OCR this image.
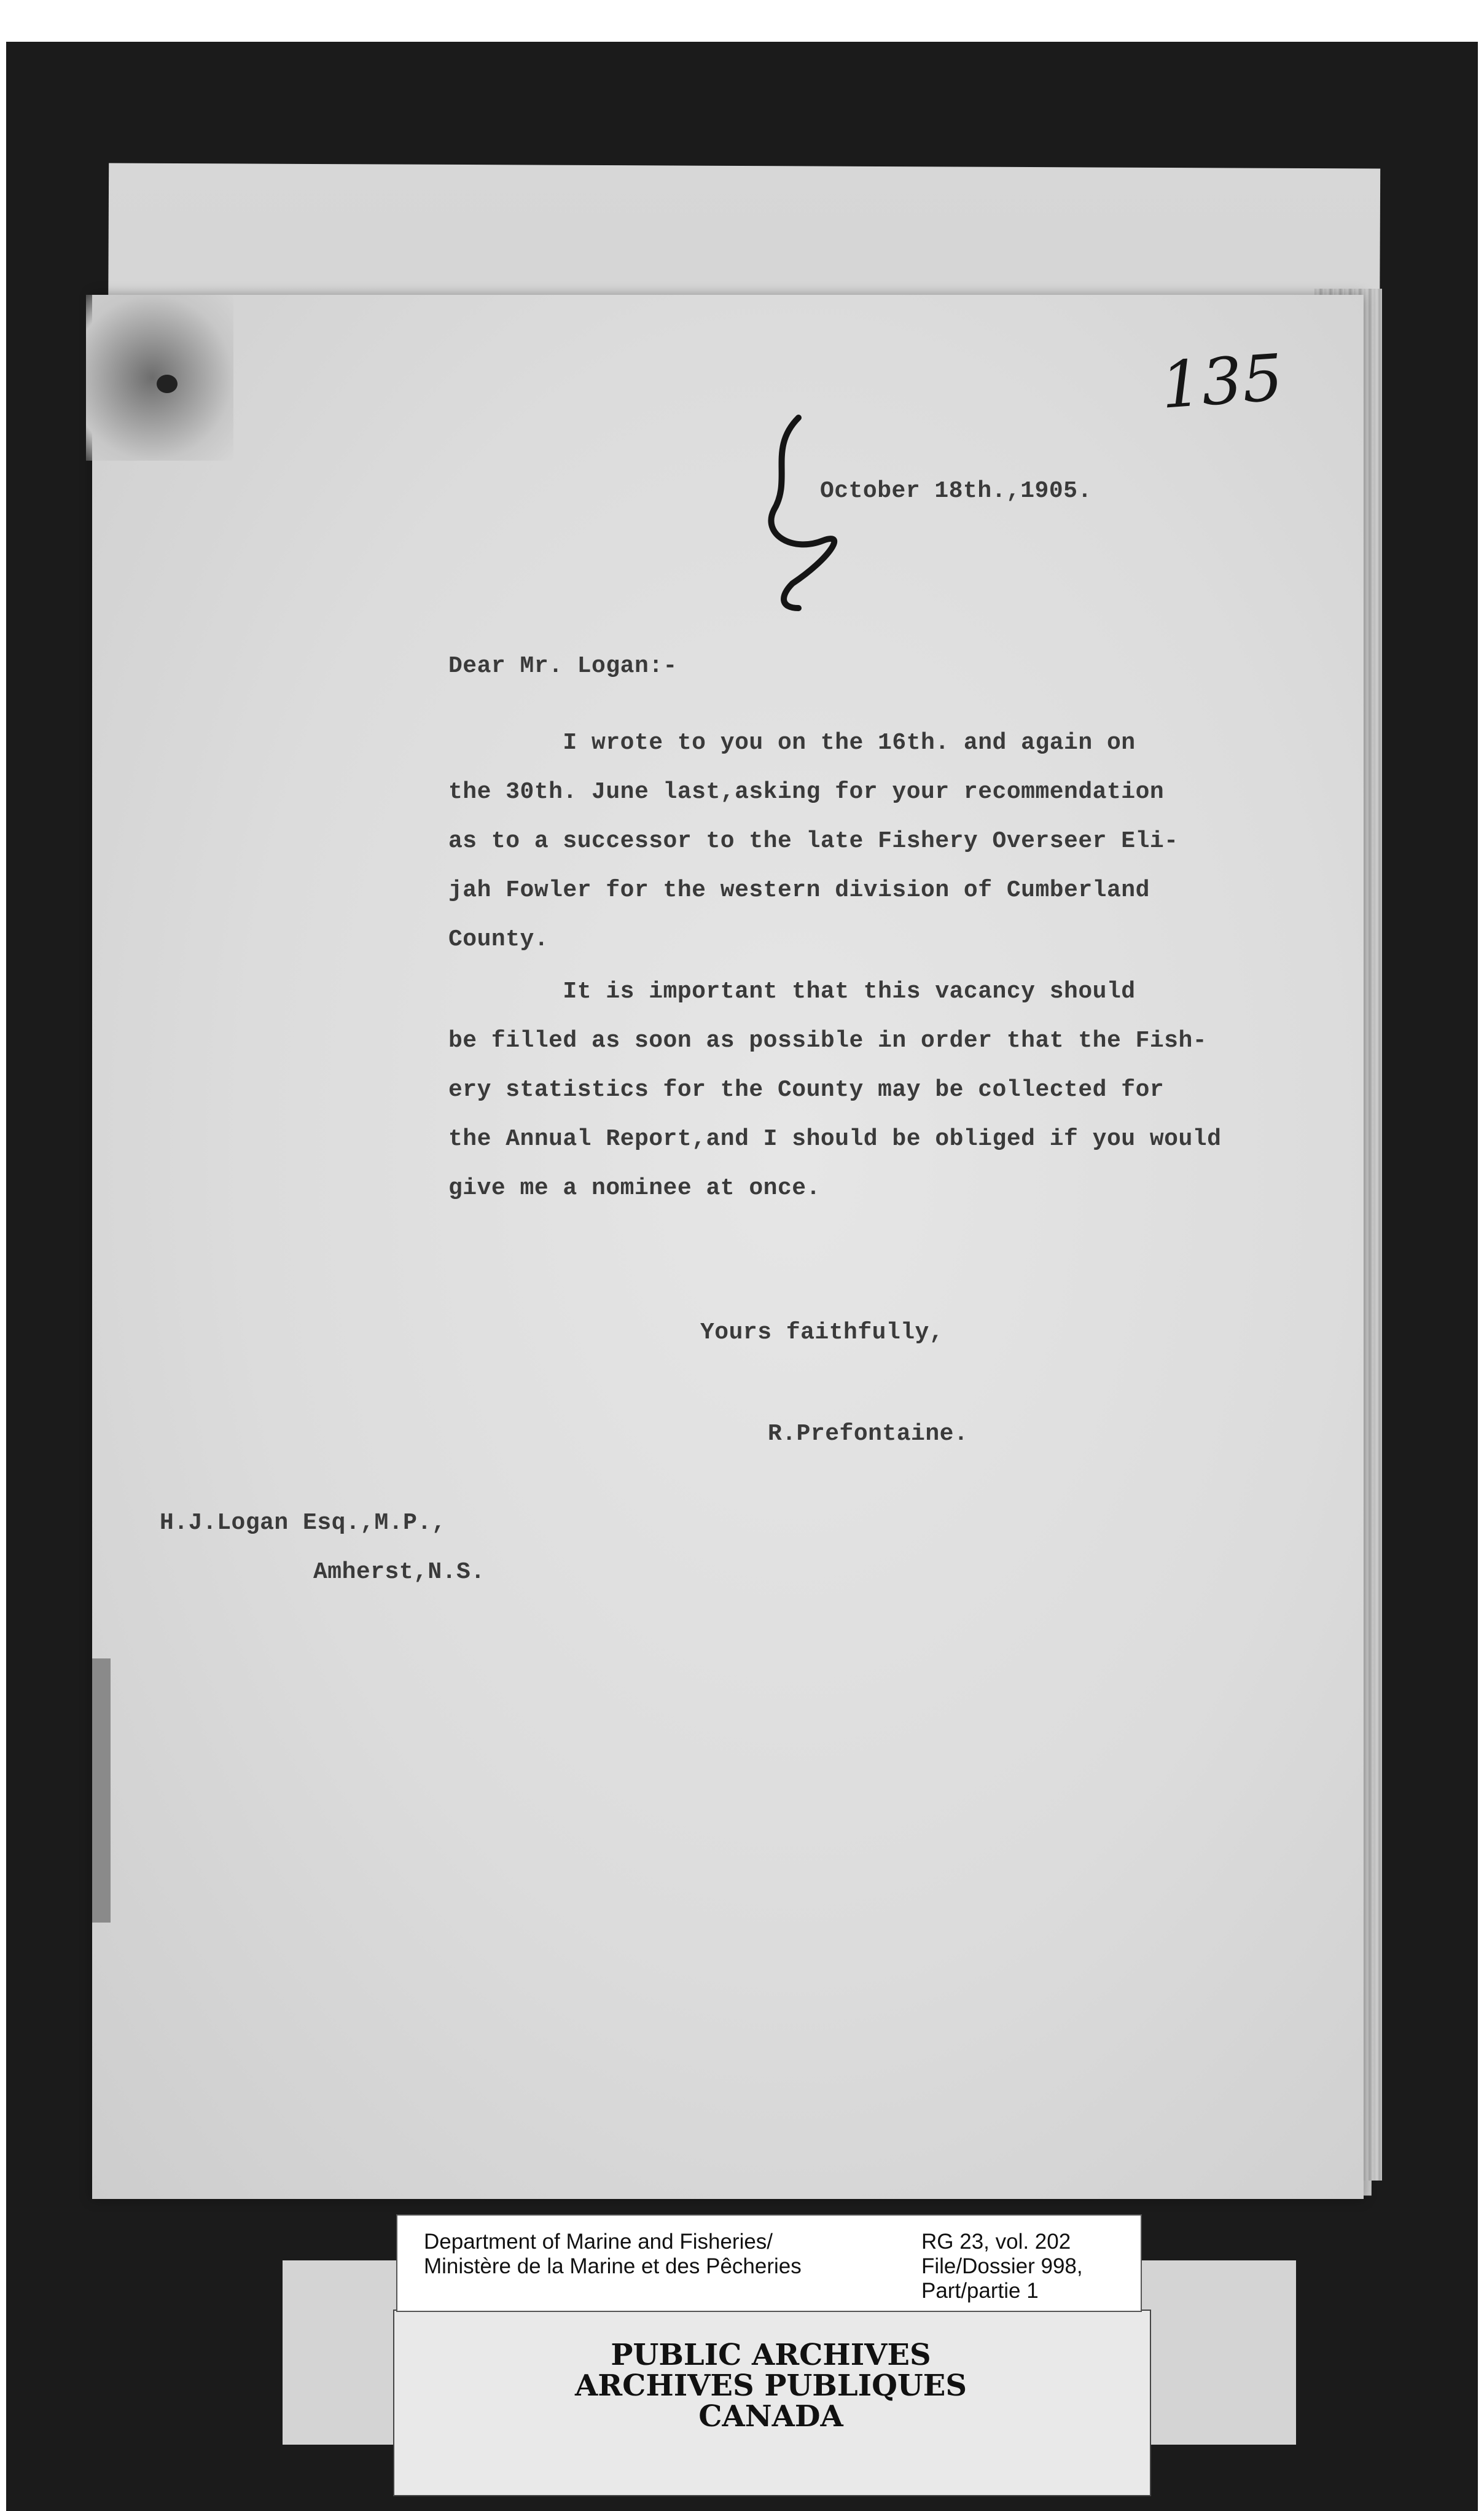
135
October 18th.,1905.
Dear Mr. Logan:-
I wrote to you on the 16th. and again on
the 30th. June last,asking for your recommendation
as to a successor to the late Fishery Overseer Eli-
jah Fowler for the western division of Cumberland
County.
It is important that this vacancy should
be filled as soon as possible in order that the Fish-
ery statistics for the County may be collected for
the Annual Report,and I should be obliged if you would
give me a nominee at once.
Yours faithfully,
R.Prefontaine.
H.J.Logan Esq.,M.P.,
Amherst,N.S.
PUBLIC ARCHIVES
ARCHIVES PUBLIQUES
CANADA
Department of Marine and Fisheries/
Ministère de la Marine et des Pêcheries
RG 23, vol. 202
File/Dossier 998,
Part/partie 1
